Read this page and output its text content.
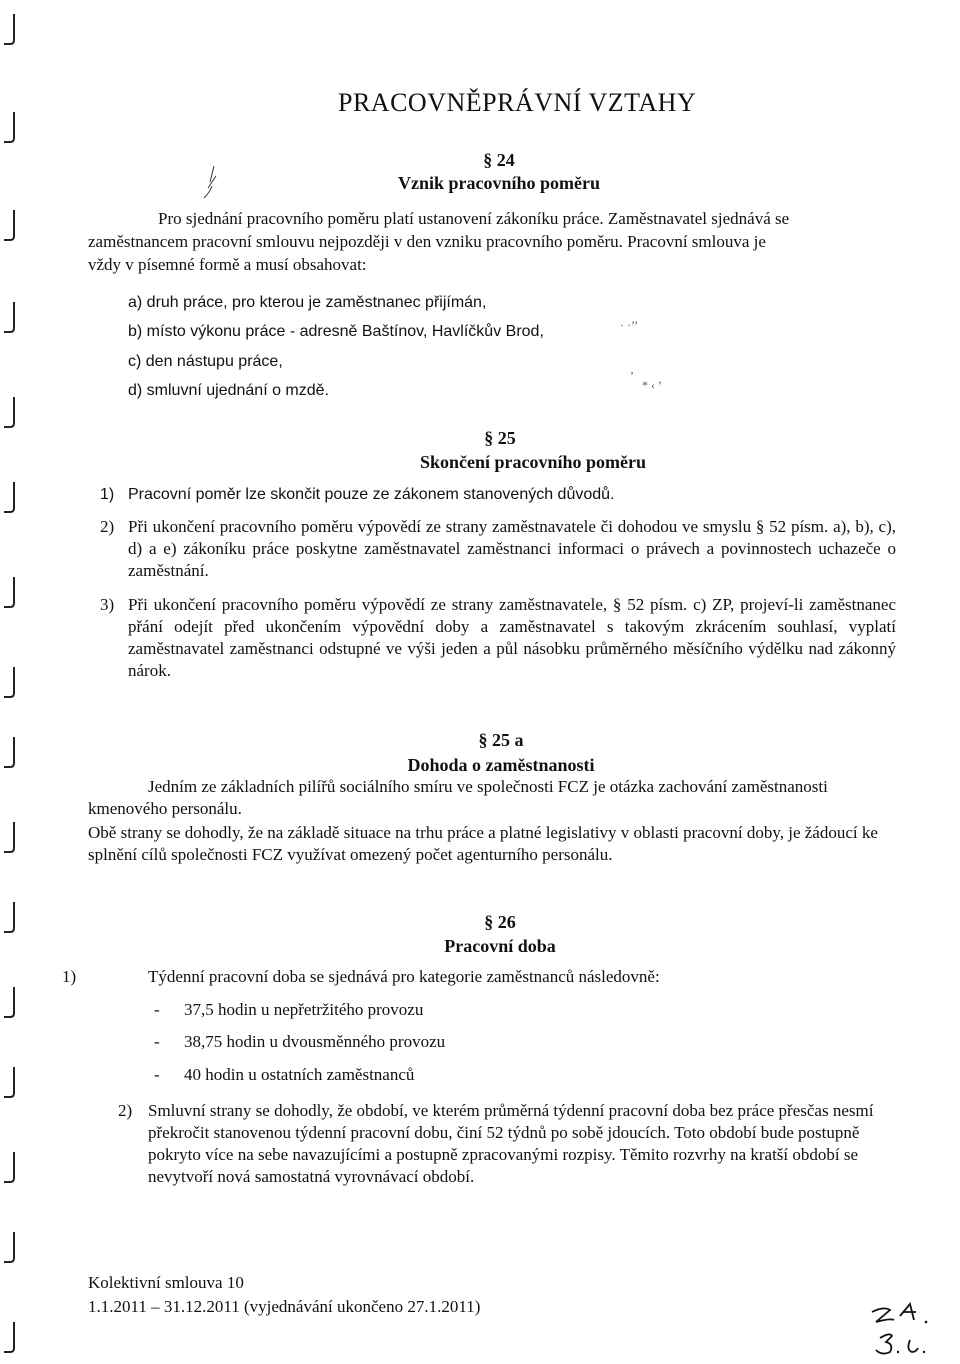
· ·’’
‚
* ‹ ’
PRACOVNĚPRÁVNÍ VZTAHY
§ 24
Vznik pracovního poměru
Pro sjednání pracovního poměru platí ustanovení zákoníku práce. Zaměstnavatel sjednává se
zaměstnancem pracovní smlouvu nejpozději v den vzniku pracovního poměru. Pracovní smlouva je
vždy v písemné formě a musí obsahovat:
a) druh práce, pro kterou je zaměstnanec přijímán,
b) místo výkonu práce - adresně Baštínov, Havlíčkův Brod,
c) den nástupu práce,
d) smluvní ujednání o mzdě.
§ 25
Skončení pracovního poměru
1) Pracovní poměr lze skončit pouze ze zákonem stanovených důvodů.
2) Při ukončení pracovního poměru výpovědí ze strany zaměstnavatele či dohodou ve smyslu § 52 písm. a), b), c), d) a e) zákoníku práce poskytne zaměstnavatel zaměstnanci informaci o právech a povinnostech uchazeče o zaměstnání.
3) Při ukončení pracovního poměru výpovědí ze strany zaměstnavatele, § 52 písm. c) ZP, projeví-li zaměstnanec přání odejít před ukončením výpovědní doby a zaměstnavatel s takovým zkrácením souhlasí, vyplatí zaměstnavatel zaměstnanci odstupné ve výši jeden a půl násobku průměrného měsíčního výdělku nad zákonný nárok.
§ 25 a
Dohoda o zaměstnanosti
Jedním ze základních pilířů sociálního smíru ve společnosti FCZ je otázka zachování zaměstnanosti kmenového personálu.
Obě strany se dohodly, že na základě situace na trhu práce a platné legislativy v oblasti pracovní doby, je žádoucí ke splnění cílů společnosti FCZ využívat omezený počet agenturního personálu.
§ 26
Pracovní doba
1)	Týdenní pracovní doba se sjednává pro kategorie zaměstnanců následovně:
- 37,5 hodin u nepřetržitého provozu
- 38,75 hodin u dvousměnného provozu
- 40 hodin u ostatních zaměstnanců
2) Smluvní strany se dohodly, že období, ve kterém průměrná týdenní pracovní doba bez práce přesčas nesmí překročit stanovenou týdenní pracovní dobu, činí 52 týdnů po sobě jdoucích. Toto období bude postupně pokryto více na sebe navazujícími a postupně zpracovanými rozpisy. Těmito rozvrhy na kratší období se nevytvoří nová samostatná vyrovnávací období.
Kolektivní smlouva 10
1.1.2011 – 31.12.2011 (vyjednávání ukončeno 27.1.2011)
